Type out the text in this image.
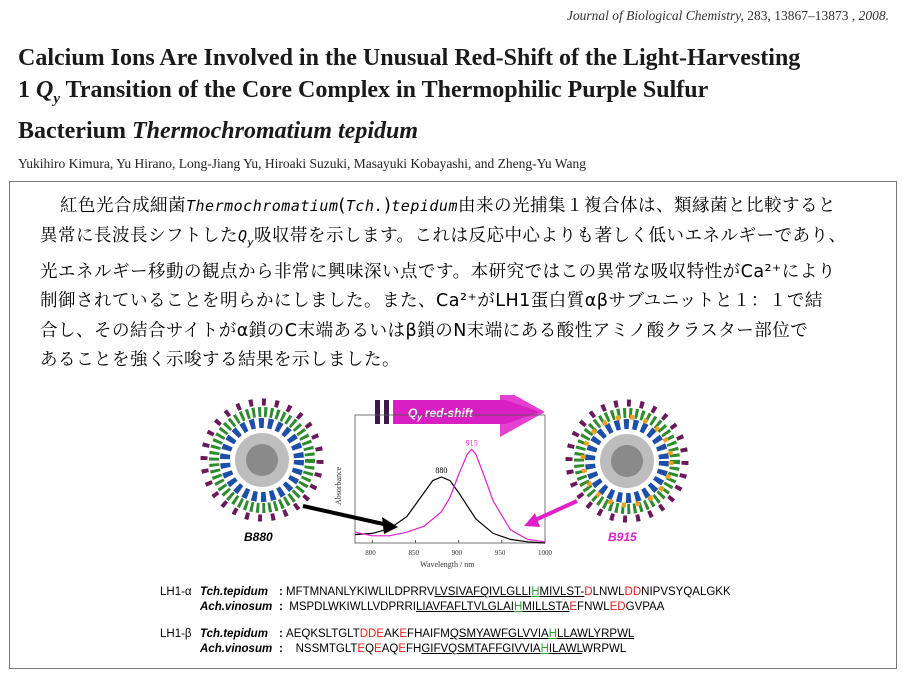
Journal of Biological Chemistry, 283, 13867–13873 , 2008.
Calcium Ions Are Involved in the Unusual Red-Shift of the Light-Harvesting
1 $Q_y$ Transition of the Core Complex in Thermophilic Purple Sulfur
Bacterium Thermochromatium tepidum
Yukihiro Kimura, Yu Hirano, Long-Jiang Yu, Hiroaki Suzuki, Masayuki Kobayashi, and Zheng-Yu Wang
紅色光合成細菌Thermochromatium(Tch.)tepidum由来の光捕集１複合体は、類縁菌と比較すると
異常に長波長シフトした$Q_y$吸収帯を示します。これは反応中心よりも著しく低いエネルギーであり、
光エネルギー移動の観点から非常に興味深い点です。本研究ではこの異常な吸収特性がCa²⁺により
制御されていることを明らかにしました。また、Ca²⁺がLH1蛋白質αβサブユニットと１：１で結
合し、その結合サイトがα鎖のC末端あるいはβ鎖のN末端にある酸性アミノ酸クラスター部位で
あることを強く示唆する結果を示しました。
B880	B915
$Q_y$ red-shift
Absorbance
Wavelength / nm
800	850	900	950	1000
880
915
LH1-α Tch.tepidum : MFTMNANLYKIWLILDPRRVLVSIVAFQIVLGLLIHMIVLST-DLNWLDDNIPVSYQALGKK
Ach.vinosum :  MSPDLWKIWLLVDPRRILIAVFAFLTVLGLAIHMILLSTAEFNWLEDGVPAA

LH1-β Tch.tepidum : AEQKSLTGLTDDEAKEFHAIFMQSMYAWFGLVVIAHLLAWLYRPWL
Ach.vinosum :    NSSMTGLTEQEAQEFHGIFVQSMTAFFGIVVIAHILAWLWRPWL
